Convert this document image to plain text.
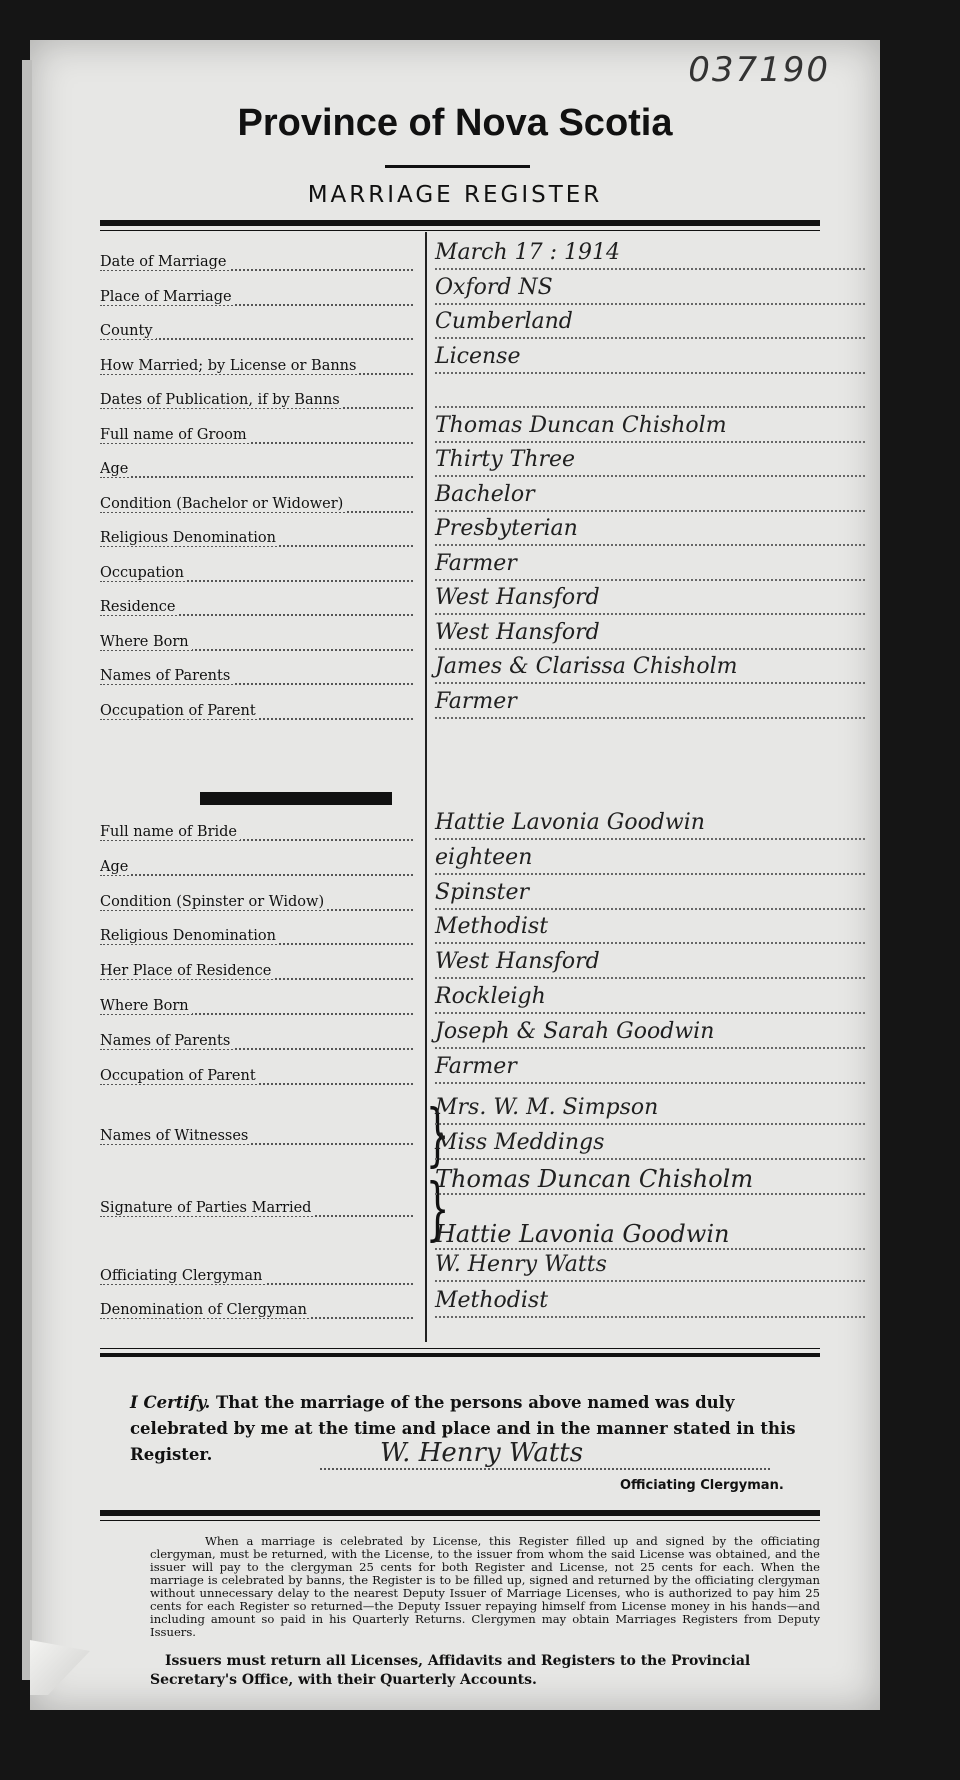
037190
Province of Nova Scotia
MARRIAGE REGISTER
Date of Marriage	March 17 : 1914
Place of Marriage	Oxford NS
County	Cumberland
How Married; by License or Banns	License
Dates of Publication, if by Banns
Full name of Groom	Thomas Duncan Chisholm
Age	Thirty Three
Condition (Bachelor or Widower)	Bachelor
Religious Denomination	Presbyterian
Occupation	Farmer
Residence	West Hansford
Where Born	West Hansford
Names of Parents	James & Clarissa Chisholm
Occupation of Parent	Farmer
Full name of Bride	Hattie Lavonia Goodwin
Age	eighteen
Condition (Spinster or Widow)	Spinster
Religious Denomination	Methodist
Her Place of Residence	West Hansford
Where Born	Rockleigh
Names of Parents	Joseph & Sarah Goodwin
Occupation of Parent	Farmer
Names of Witnesses	}
Mrs. W. M. Simpson
Miss Meddings
Signature of Parties Married	}
Thomas Duncan Chisholm
Hattie Lavonia Goodwin
Officiating Clergyman	W. Henry Watts
Denomination of Clergyman	Methodist
I Certify. That the marriage of the persons above named was duly celebrated by me at the time and place and in the manner stated in this Register.	W. Henry Watts
Officiating Clergyman.
When a marriage is celebrated by License, this Register filled up and signed by the officiating clergyman, must be returned, with the License, to the issuer from whom the said License was obtained, and the issuer will pay to the clergyman 25 cents for both Register and License, not 25 cents for each. When the marriage is celebrated by banns, the Register is to be filled up, signed and returned by the officiating clergyman without unnecessary delay to the nearest Deputy Issuer of Marriage Licenses, who is authorized to pay him 25 cents for each Register so returned—the Deputy Issuer repaying himself from License money in his hands—and including amount so paid in his Quarterly Returns. Clergymen may obtain Marriages Registers from Deputy Issuers.
Issuers must return all Licenses, Affidavits and Registers to the Provincial Secretary's Office, with their Quarterly Accounts.
